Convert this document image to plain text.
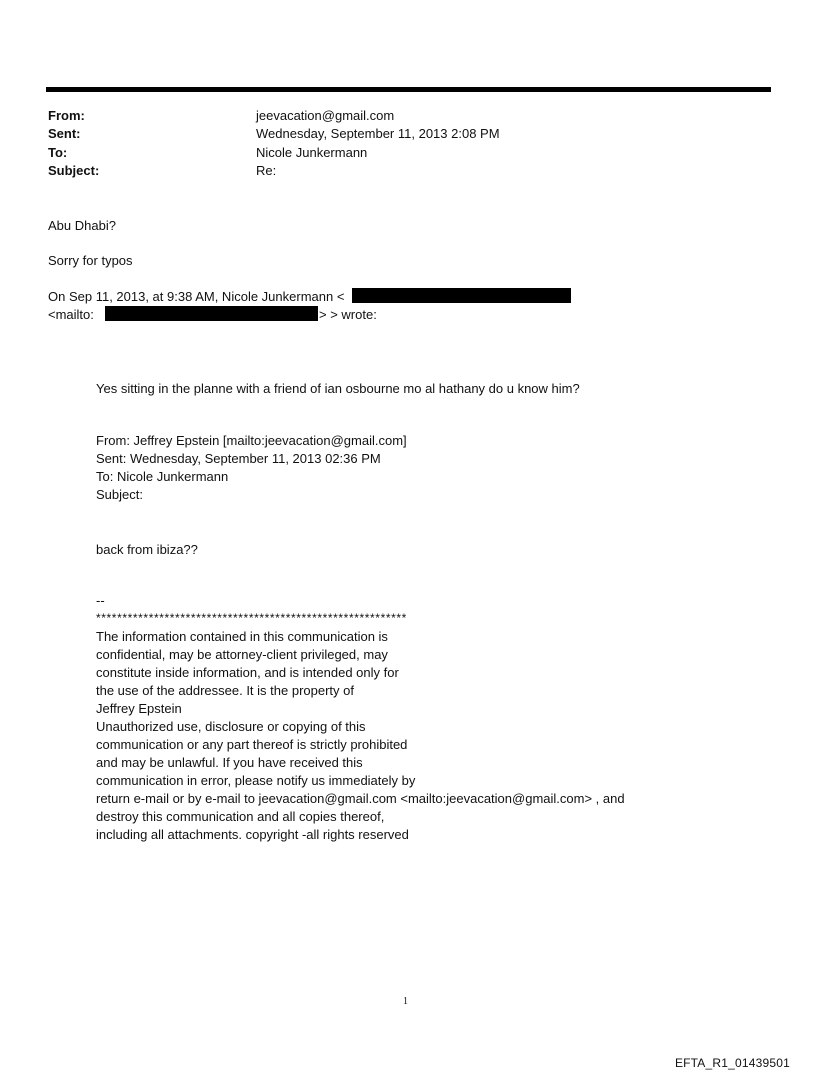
From:	jeevacation@gmail.com
Sent:	Wednesday, September 11, 2013 2:08 PM
To:	Nicole Junkermann
Subject:	Re:
Abu Dhabi?
Sorry for typos
On Sep 11, 2013, at 9:38 AM, Nicole Junkermann <
<mailto:	> > wrote:
Yes sitting in the planne with a friend of ian osbourne mo al hathany do u know him?
From: Jeffrey Epstein [mailto:jeevacation@gmail.com]
Sent: Wednesday, September 11, 2013 02:36 PM
To: Nicole Junkermann
Subject:
back from ibiza??
--
***********************************************************
The information contained in this communication is
confidential, may be attorney-client privileged, may
constitute inside information, and is intended only for
the use of the addressee. It is the property of
Jeffrey Epstein
Unauthorized use, disclosure or copying of this
communication or any part thereof is strictly prohibited
and may be unlawful. If you have received this
communication in error, please notify us immediately by
return e-mail or by e-mail to jeevacation@gmail.com <mailto:jeevacation@gmail.com> , and
destroy this communication and all copies thereof,
including all attachments. copyright -all rights reserved
1
EFTA_R1_01439501
